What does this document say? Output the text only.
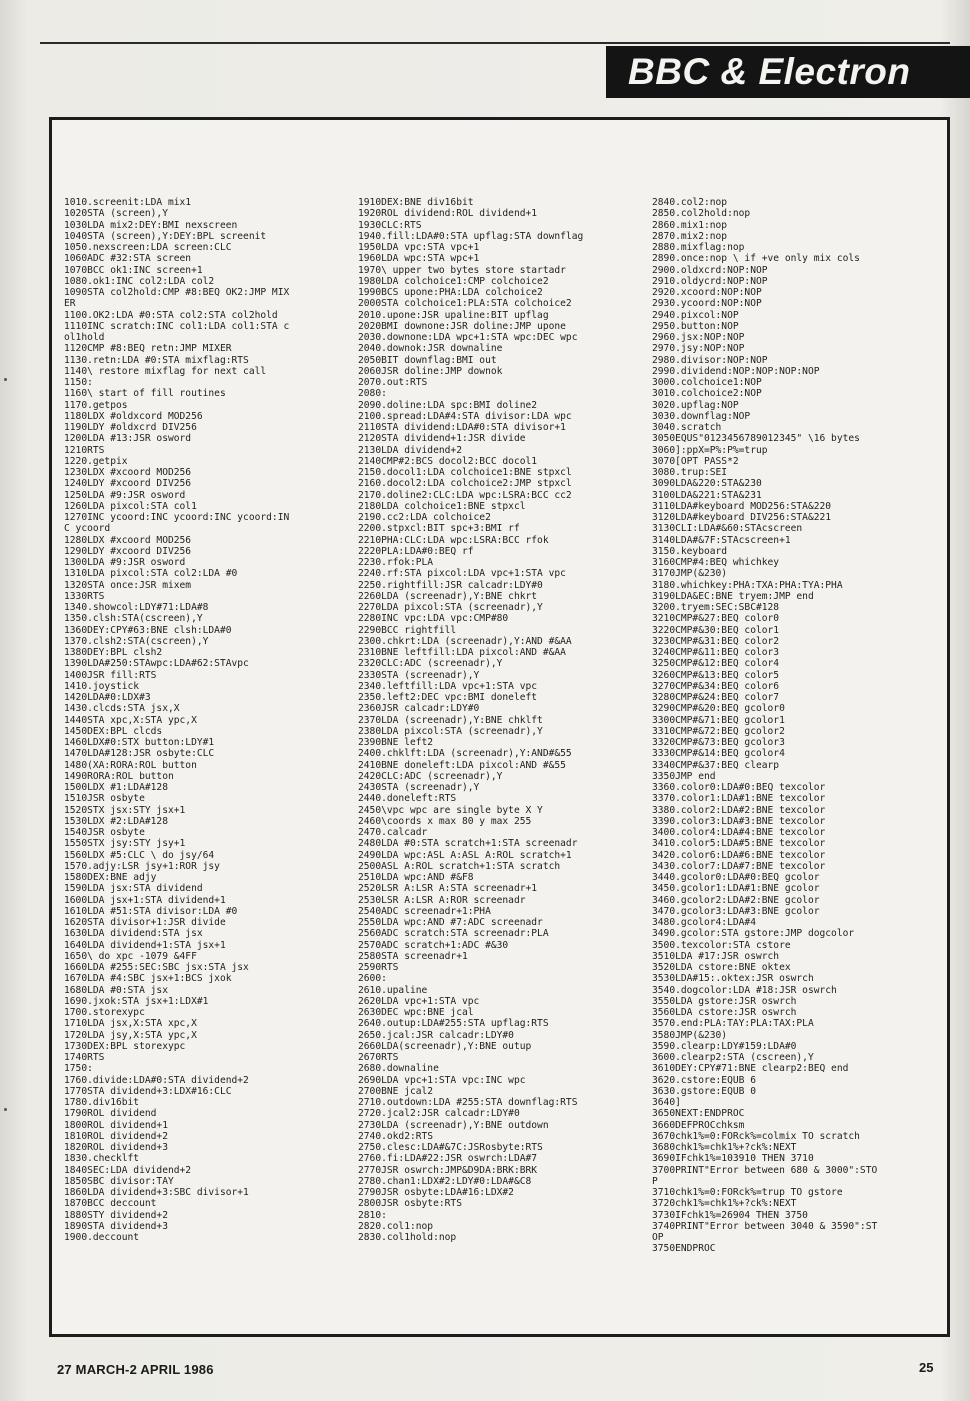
BBC & Electron
1010.screenit:LDA mix1
1020STA (screen),Y
1030LDA mix2:DEY:BMI nexscreen
1040STA (screen),Y:DEY:BPL screenit
1050.nexscreen:LDA screen:CLC
1060ADC #32:STA screen
1070BCC ok1:INC screen+1
1080.ok1:INC col2:LDA col2
1090STA col2hold:CMP #8:BEQ OK2:JMP MIX
ER
1100.OK2:LDA #0:STA col2:STA col2hold
1110INC scratch:INC col1:LDA col1:STA c
ol1hold
1120CMP #8:BEQ retn:JMP MIXER
1130.retn:LDA #0:STA mixflag:RTS
1140\ restore mixflag for next call
1150:
1160\ start of fill routines
1170.getpos
1180LDX #oldxcord MOD256
1190LDY #oldxcrd DIV256
1200LDA #13:JSR osword
1210RTS
1220.getpix
1230LDX #xcoord MOD256
1240LDY #xcoord DIV256
1250LDA #9:JSR osword
1260LDA pixcol:STA col1
1270INC ycoord:INC ycoord:INC ycoord:IN
C ycoord
1280LDX #xcoord MOD256
1290LDY #xcoord DIV256
1300LDA #9:JSR osword
1310LDA pixcol:STA col2:LDA #0
1320STA once:JSR mixem
1330RTS
1340.showcol:LDY#71:LDA#8
1350.clsh:STA(cscreen),Y
1360DEY:CPY#63:BNE clsh:LDA#0
1370.clsh2:STA(cscreen),Y
1380DEY:BPL clsh2
1390LDA#250:STAwpc:LDA#62:STAvpc
1400JSR fill:RTS
1410.joystick
1420LDA#0:LDX#3
1430.clcds:STA jsx,X
1440STA xpc,X:STA ypc,X
1450DEX:BPL clcds
1460LDX#0:STX button:LDY#1
1470LDA#128:JSR osbyte:CLC
1480(XA:RORA:ROL button
1490RORA:ROL button
1500LDX #1:LDA#128
1510JSR osbyte
1520STX jsx:STY jsx+1
1530LDX #2:LDA#128
1540JSR osbyte
1550STX jsy:STY jsy+1
1560LDX #5:CLC \ do jsy/64
1570.adjy:LSR jsy+1:ROR jsy
1580DEX:BNE adjy
1590LDA jsx:STA dividend
1600LDA jsx+1:STA dividend+1
1610LDA #51:STA divisor:LDA #0
1620STA divisor+1:JSR divide
1630LDA dividend:STA jsx
1640LDA dividend+1:STA jsx+1
1650\ do xpc -1079 &4FF
1660LDA #255:SEC:SBC jsx:STA jsx
1670LDA #4:SBC jsx+1:BCS jxok
1680LDA #0:STA jsx
1690.jxok:STA jsx+1:LDX#1
1700.storexypc
1710LDA jsx,X:STA xpc,X
1720LDA jsy,X:STA ypc,X
1730DEX:BPL storexypc
1740RTS
1750:
1760.divide:LDA#0:STA dividend+2
1770STA dividend+3:LDX#16:CLC
1780.div16bit
1790ROL dividend
1800ROL dividend+1
1810ROL dividend+2
1820ROL dividend+3
1830.checklft
1840SEC:LDA dividend+2
1850SBC divisor:TAY
1860LDA dividend+3:SBC divisor+1
1870BCC deccount
1880STY dividend+2
1890STA dividend+3
1900.deccount
1910DEX:BNE div16bit
1920ROL dividend:ROL dividend+1
1930CLC:RTS
1940.fill:LDA#0:STA upflag:STA downflag
1950LDA vpc:STA vpc+1
1960LDA wpc:STA wpc+1
1970\ upper two bytes store startadr
1980LDA colchoice1:CMP colchoice2
1990BCS upone:PHA:LDA colchoice2
2000STA colchoice1:PLA:STA colchoice2
2010.upone:JSR upaline:BIT upflag
2020BMI downone:JSR doline:JMP upone
2030.downone:LDA wpc+1:STA wpc:DEC wpc
2040.downok:JSR downaline
2050BIT downflag:BMI out
2060JSR doline:JMP downok
2070.out:RTS
2080:
2090.doline:LDA spc:BMI doline2
2100.spread:LDA#4:STA divisor:LDA wpc
2110STA dividend:LDA#0:STA divisor+1
2120STA dividend+1:JSR divide
2130LDA dividend+2
2140CMP#2:BCS docol2:BCC docol1
2150.docol1:LDA colchoice1:BNE stpxcl
2160.docol2:LDA colchoice2:JMP stpxcl
2170.doline2:CLC:LDA wpc:LSRA:BCC cc2
2180LDA colchoice1:BNE stpxcl
2190.cc2:LDA colchoice2
2200.stpxcl:BIT spc+3:BMI rf
2210PHA:CLC:LDA wpc:LSRA:BCC rfok
2220PLA:LDA#0:BEQ rf
2230.rfok:PLA
2240.rf:STA pixcol:LDA vpc+1:STA vpc
2250.rightfill:JSR calcadr:LDY#0
2260LDA (screenadr),Y:BNE chkrt
2270LDA pixcol:STA (screenadr),Y
2280INC vpc:LDA vpc:CMP#80
2290BCC rightfill
2300.chkrt:LDA (screenadr),Y:AND #&AA
2310BNE leftfill:LDA pixcol:AND #&AA
2320CLC:ADC (screenadr),Y
2330STA (screenadr),Y
2340.leftfill:LDA vpc+1:STA vpc
2350.left2:DEC vpc:BMI doneleft
2360JSR calcadr:LDY#0
2370LDA (screenadr),Y:BNE chklft
2380LDA pixcol:STA (screenadr),Y
2390BNE left2
2400.chklft:LDA (screenadr),Y:AND#&55
2410BNE doneleft:LDA pixcol:AND #&55
2420CLC:ADC (screenadr),Y
2430STA (screenadr),Y
2440.doneleft:RTS
2450\vpc wpc are single byte X Y
2460\coords x max 80 y max 255
2470.calcadr
2480LDA #0:STA scratch+1:STA screenadr
2490LDA wpc:ASL A:ASL A:ROL scratch+1
2500ASL A:ROL scratch+1:STA scratch
2510LDA wpc:AND #&F8
2520LSR A:LSR A:STA screenadr+1
2530LSR A:LSR A:ROR screenadr
2540ADC screenadr+1:PHA
2550LDA wpc:AND #7:ADC screenadr
2560ADC scratch:STA screenadr:PLA
2570ADC scratch+1:ADC #&30
2580STA screenadr+1
2590RTS
2600:
2610.upaline
2620LDA vpc+1:STA vpc
2630DEC wpc:BNE jcal
2640.outup:LDA#255:STA upflag:RTS
2650.jcal:JSR calcadr:LDY#0
2660LDA(screenadr),Y:BNE outup
2670RTS
2680.downaline
2690LDA vpc+1:STA vpc:INC wpc
2700BNE jcal2
2710.outdown:LDA #255:STA downflag:RTS
2720.jcal2:JSR calcadr:LDY#0
2730LDA (screenadr),Y:BNE outdown
2740.okd2:RTS
2750.clesc:LDA#&7C:JSRosbyte:RTS
2760.fi:LDA#22:JSR oswrch:LDA#7
2770JSR oswrch:JMP&D9DA:BRK:BRK
2780.chan1:LDX#2:LDY#0:LDA#&C8
2790JSR osbyte:LDA#16:LDX#2
2800JSR osbyte:RTS
2810:
2820.col1:nop
2830.col1hold:nop
2840.col2:nop
2850.col2hold:nop
2860.mix1:nop
2870.mix2:nop
2880.mixflag:nop
2890.once:nop \ if +ve only mix cols
2900.oldxcrd:NOP:NOP
2910.oldycrd:NOP:NOP
2920.xcoord:NOP:NOP
2930.ycoord:NOP:NOP
2940.pixcol:NOP
2950.button:NOP
2960.jsx:NOP:NOP
2970.jsy:NOP:NOP
2980.divisor:NOP:NOP
2990.dividend:NOP:NOP:NOP:NOP
3000.colchoice1:NOP
3010.colchoice2:NOP
3020.upflag:NOP
3030.downflag:NOP
3040.scratch
3050EQUS"0123456789012345" \16 bytes
3060]:ppX=P%:P%=trup
3070[OPT PASS*2
3080.trup:SEI
3090LDA&220:STA&230
3100LDA&221:STA&231
3110LDA#keyboard MOD256:STA&220
3120LDA#keyboard DIV256:STA&221
3130CLI:LDA#&60:STAcscreen
3140LDA#&7F:STAcscreen+1
3150.keyboard
3160CMP#4:BEQ whichkey
3170JMP(&230)
3180.whichkey:PHA:TXA:PHA:TYA:PHA
3190LDA&EC:BNE tryem:JMP end
3200.tryem:SEC:SBC#128
3210CMP#&27:BEQ color0
3220CMP#&30:BEQ color1
3230CMP#&31:BEQ color2
3240CMP#&11:BEQ color3
3250CMP#&12:BEQ color4
3260CMP#&13:BEQ color5
3270CMP#&34:BEQ color6
3280CMP#&24:BEQ color7
3290CMP#&20:BEQ gcolor0
3300CMP#&71:BEQ gcolor1
3310CMP#&72:BEQ gcolor2
3320CMP#&73:BEQ gcolor3
3330CMP#&14:BEQ gcolor4
3340CMP#&37:BEQ clearp
3350JMP end
3360.color0:LDA#0:BEQ texcolor
3370.color1:LDA#1:BNE texcolor
3380.color2:LDA#2:BNE texcolor
3390.color3:LDA#3:BNE texcolor
3400.color4:LDA#4:BNE texcolor
3410.color5:LDA#5:BNE texcolor
3420.color6:LDA#6:BNE texcolor
3430.color7:LDA#7:BNE texcolor
3440.gcolor0:LDA#0:BEQ gcolor
3450.gcolor1:LDA#1:BNE gcolor
3460.gcolor2:LDA#2:BNE gcolor
3470.gcolor3:LDA#3:BNE gcolor
3480.gcolor4:LDA#4
3490.gcolor:STA gstore:JMP dogcolor
3500.texcolor:STA cstore
3510LDA #17:JSR oswrch
3520LDA cstore:BNE oktex
3530LDA#15:.oktex:JSR oswrch
3540.dogcolor:LDA #18:JSR oswrch
3550LDA gstore:JSR oswrch
3560LDA cstore:JSR oswrch
3570.end:PLA:TAY:PLA:TAX:PLA
3580JMP(&230)
3590.clearp:LDY#159:LDA#0
3600.clearp2:STA (cscreen),Y
3610DEY:CPY#71:BNE clearp2:BEQ end
3620.cstore:EQUB 6
3630.gstore:EQUB 0
3640]
3650NEXT:ENDPROC
3660DEFPROCchksm
3670chk1%=0:FORck%=colmix TO scratch
3680chk1%=chk1%+?ck%:NEXT
3690IFchk1%=103910 THEN 3710
3700PRINT"Error between 680 & 3000":STO
P
3710chk1%=0:FORck%=trup TO gstore
3720chk1%=chk1%+?ck%:NEXT
3730IFchk1%=26904 THEN 3750
3740PRINT"Error between 3040 & 3590":ST
OP
3750ENDPROC
27 MARCH-2 APRIL 1986	25
